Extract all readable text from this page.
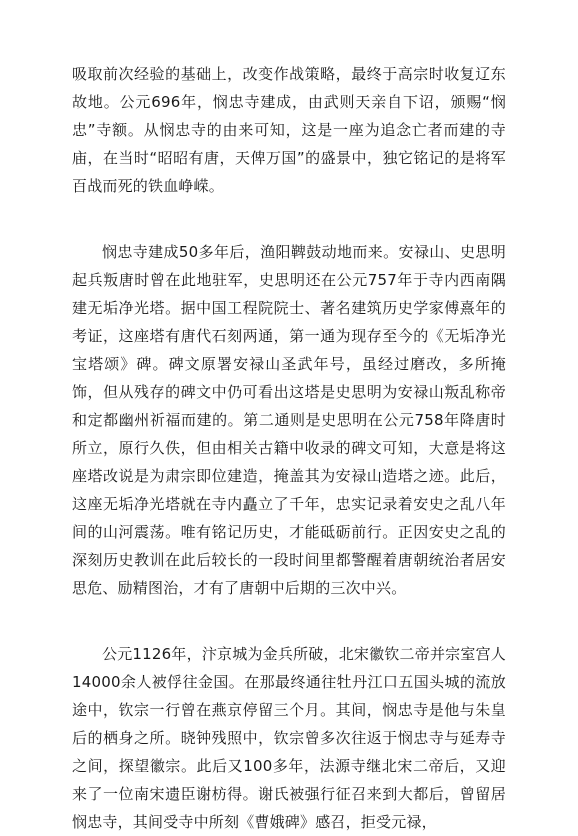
吸取前次经验的基础上，改变作战策略，最终于高宗时收复辽东故地。公元696年，悯忠寺建成，由武则天亲自下诏，颁赐“悯忠”寺额。从悯忠寺的由来可知，这是一座为追念亡者而建的寺庙，在当时“昭昭有唐，天俾万国”的盛景中，独它铭记的是将军百战而死的铁血峥嵘。

悯忠寺建成50多年后，渔阳鞞鼓动地而来。安禄山、史思明起兵叛唐时曾在此地驻军，史思明还在公元757年于寺内西南隅建无垢净光塔。据中国工程院院士、著名建筑历史学家傅熹年的考证，这座塔有唐代石刻两通，第一通为现存至今的《无垢净光宝塔颂》碑。碑文原署安禄山圣武年号，虽经过磨改，多所掩饰，但从残存的碑文中仍可看出这塔是史思明为安禄山叛乱称帝和定都幽州祈福而建的。第二通则是史思明在公元758年降唐时所立，原行久佚，但由相关古籍中收录的碑文可知，大意是将这座塔改说是为肃宗即位建造，掩盖其为安禄山造塔之迹。此后，这座无垢净光塔就在寺内矗立了千年，忠实记录着安史之乱八年间的山河震荡。唯有铭记历史，才能砥砺前行。正因安史之乱的深刻历史教训在此后较长的一段时间里都警醒着唐朝统治者居安思危、励精图治，才有了唐朝中后期的三次中兴。

公元1126年，汴京城为金兵所破，北宋徽钦二帝并宗室宫人14000余人被俘往金国。在那最终通往牡丹江口五国头城的流放途中，钦宗一行曾在燕京停留三个月。其间，悯忠寺是他与朱皇后的栖身之所。晓钟残照中，钦宗曾多次往返于悯忠寺与延寿寺之间，探望徽宗。此后又100多年，法源寺继北宋二帝后，又迎来了一位南宋遗臣谢枋得。谢氏被强行征召来到大都后，曾留居悯忠寺，其间受寺中所刻《曹娥碑》感召，拒受元禄，
